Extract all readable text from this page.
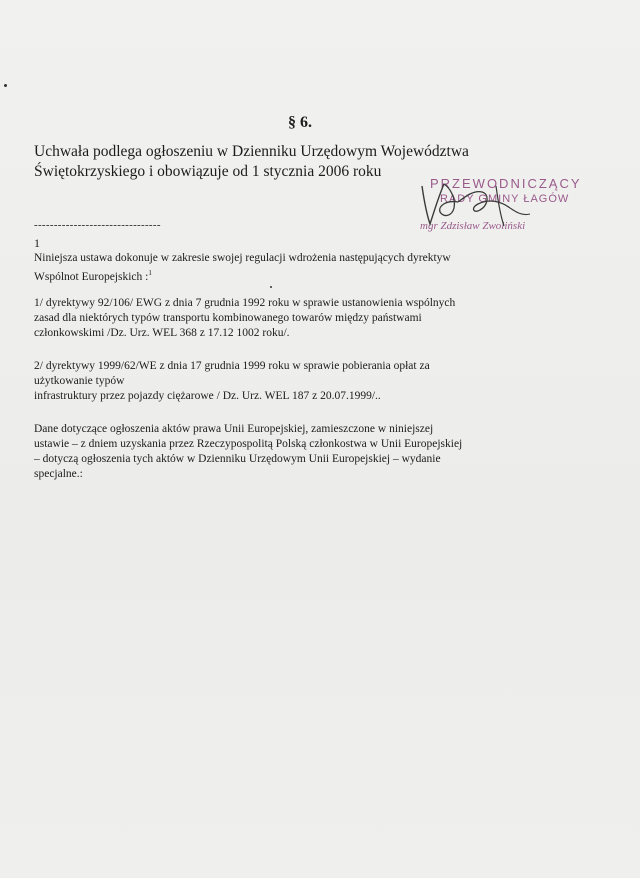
§ 6.
Uchwała podlega ogłoszeniu w Dzienniku Urzędowym Województwa
Świętokrzyskiego i obowiązuje od 1 stycznia 2006 roku
PRZEWODNICZĄCY
RADY GMINY ŁAGÓW
mgr Zdzisław Zwoliński
--------------------------------
1
Niniejsza ustawa dokonuje w zakresie swojej regulacji wdrożenia następujących dyrektyw
Wspólnot Europejskich :$^1$
1/ dyrektywy 92/106/ EWG z dnia 7 grudnia 1992 roku w sprawie ustanowienia wspólnych
zasad dla niektórych typów transportu kombinowanego towarów między państwami
członkowskimi /Dz. Urz. WEL 368 z 17.12 1002 roku/.
2/ dyrektywy 1999/62/WE z dnia 17 grudnia 1999 roku w sprawie pobierania opłat za
użytkowanie typów
infrastruktury przez pojazdy ciężarowe / Dz. Urz. WEL 187 z 20.07.1999/..
Dane dotyczące ogłoszenia aktów prawa Unii Europejskiej, zamieszczone w niniejszej
ustawie – z dniem uzyskania przez Rzeczypospolitą Polską członkostwa w Unii Europejskiej
– dotyczą ogłoszenia tych aktów w Dzienniku Urzędowym Unii Europejskiej – wydanie
specjalne.:
